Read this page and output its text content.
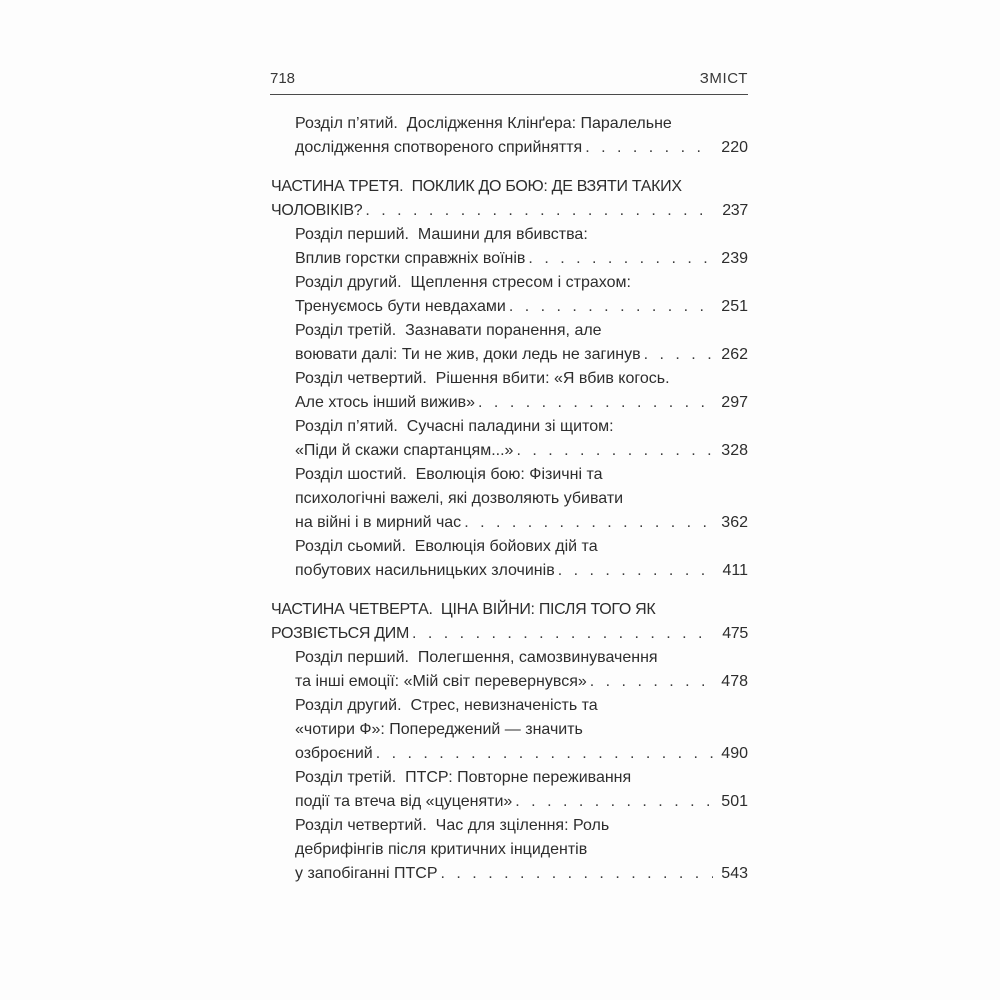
718	ЗМІСТ
Розділ п’ятий.  Дослідження Клінґера: Паралельне
дослідження спотвореного сприйняття . . .	220
ЧАСТИНА ТРЕТЯ.  ПОКЛИК ДО БОЮ: ДЕ ВЗЯТИ ТАКИХ
ЧОЛОВІКІВ? . . .	237
Розділ перший.  Машини для вбивства:
Вплив горстки справжніх воїнів . . .	239
Розділ другий.  Щеплення стресом і страхом:
Тренуємось бути невдахами . . .	251
Розділ третій.  Зазнавати поранення, але
воювати далі: Ти не жив, доки ледь не загинув . . .	262
Розділ четвертий.  Рішення вбити: «Я вбив когось.
Але хтось інший вижив» . . .	297
Розділ п’ятий.  Сучасні паладини зі щитом:
«Піди й скажи спартанцям...» . . .	328
Розділ шостий.  Еволюція бою: Фізичні та
психологічні важелі, які дозволяють убивати
на війні і в мирний час . . .	362
Розділ сьомий.  Еволюція бойових дій та
побутових насильницьких злочинів . . .	411
ЧАСТИНА ЧЕТВЕРТА.  ЦІНА ВІЙНИ: ПІСЛЯ ТОГО ЯК
РОЗВІЄТЬСЯ ДИМ . . .	475
Розділ перший.  Полегшення, самозвинувачення
та інші емоції: «Мій світ перевернувся» . . .	478
Розділ другий.  Стрес, невизначеність та
«чотири Ф»: Попереджений — значить
озброєний . . .	490
Розділ третій.  ПТСР: Повторне переживання
події та втеча від «цуценяти» . . .	501
Розділ четвертий.  Час для зцілення: Роль
дебрифінгів після критичних інцидентів
у запобіганні ПТСР . . .	543
